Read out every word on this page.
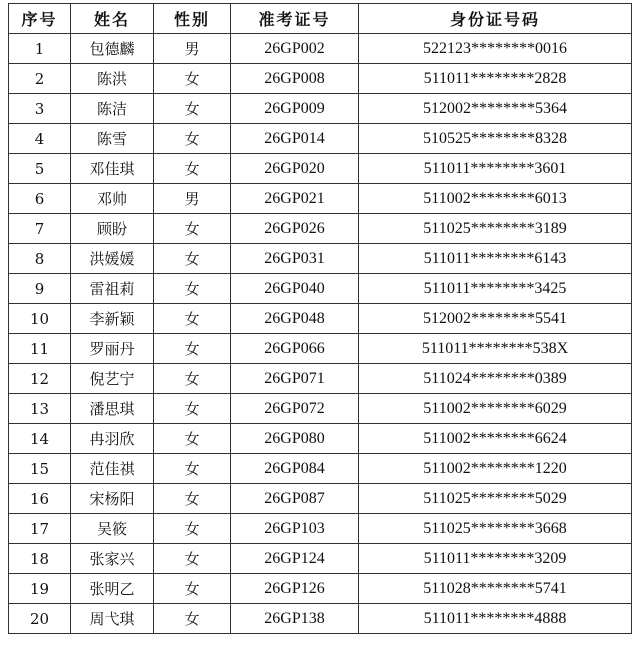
序号	姓名	性别	准考证号	身份证号码
1	包德麟	男	26GP002	522123********0016
2	陈洪	女	26GP008	511011********2828
3	陈洁	女	26GP009	512002********5364
4	陈雪	女	26GP014	510525********8328
5	邓佳琪	女	26GP020	511011********3601
6	邓帅	男	26GP021	511002********6013
7	顾盼	女	26GP026	511025********3189
8	洪媛媛	女	26GP031	511011********6143
9	雷祖莉	女	26GP040	511011********3425
10	李新颖	女	26GP048	512002********5541
11	罗丽丹	女	26GP066	511011********538X
12	倪艺宁	女	26GP071	511024********0389
13	潘思琪	女	26GP072	511002********6029
14	冉羽欣	女	26GP080	511002********6624
15	范佳祺	女	26GP084	511002********1220
16	宋杨阳	女	26GP087	511025********5029
17	吴筱	女	26GP103	511025********3668
18	张家兴	女	26GP124	511011********3209
19	张明乙	女	26GP126	511028********5741
20	周弋琪	女	26GP138	511011********4888
